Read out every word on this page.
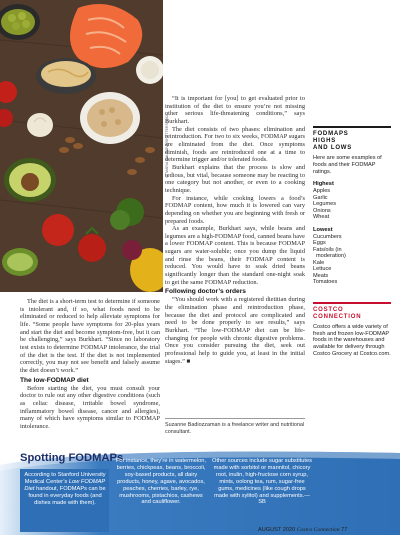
© MARIA SHUMOVA/SHUTTERSTOCK

The diet is a short-term test to determine if someone is intolerant and, if so, what foods need to be eliminated or reduced to help alleviate symptoms for life. “Some people have symptoms for 20-plus years and start the diet and become symptom-free, but it can be challenging,” says Burkhart. “Since no laboratory test exists to determine FODMAP intolerance, the trial of the diet is the test. If the diet is not implemented correctly, you may not see benefit and falsely assume the diet doesn’t work.”

The low-FODMAP diet

Before starting the diet, you must consult your doctor to rule out any other digestive conditions (such as celiac disease, irritable bowel syndrome, inflammatory bowel disease, cancer and allergies), many of which have symptoms similar to FODMAP intolerance.

“It is important for [you] to get evaluated prior to institution of the diet to ensure you’re not missing other serious life-threatening conditions,” says Burkhart.

The diet consists of two phases: elimination and reintroduction. For two to six weeks, FODMAP sugars are eliminated from the diet. Once symptoms diminish, foods are reintroduced one at a time to determine trigger and/or tolerated foods.

Burkhart explains that the process is slow and tedious, but vital, because someone may be reacting to one category but not another, or even to a cooking technique.

For instance, while cooking lowers a food’s FODMAP content, how much it is lowered can vary depending on whether you are beginning with fresh or prepared foods.

As an example, Burkhart says, while beans and legumes are a high-FODMAP food, canned beans have a lower FODMAP content. This is because FODMAP sugars are water-soluble; once you dump the liquid and rinse the beans, their FODMAP content is reduced. You would have to soak dried beans significantly longer than the standard one-night soak to get the same FODMAP reduction.

Following doctor’s orders

“You should work with a registered dietitian during the elimination phase and reintroduction phase, because the diet and protocol are complicated and need to be done properly to see results,” says Burkhart. “The low-FODMAP diet can be life-changing for people with chronic digestive problems. Once you consider pursuing the diet, seek out professional help to guide you, at least in the initial stages.” ■

Suzanne Badiozzaman is a freelance writer and nutritional consultant.
FODMAPS
HIGHS
AND LOWS
Here are some examples of foods and their FODMAP ratings.
Highest
Apples
Garlic
Legumes
Onions
Wheat
Lowest
Cucumbers
Eggs
Fats/oils (in
moderation)
Kale
Lettuce
Meats
Tomatoes
COSTCO
CONNECTION
Costco offers a wide variety of fresh and frozen low-FODMAP foods in the warehouses and available for delivery through Costco Grocery at Costco.com.
Spotting FODMAPs
According to Stanford University Medical Center’s Low FODMAP Diet handout, FODMAPs can be found in everyday foods (and dishes made with them).
For instance, they’re in watermelon, berries, chickpeas, beans, broccoli, soy-based products, all dairy products, honey, agave, avocados, peaches, cherries, barley, rye, mushrooms, pistachios, cashews and cauliflower.
Other sources include sugar substitutes made with sorbitol or mannitol, chicory root, inulin, high-fructose corn syrup, mints, oolong tea, rum, sugar-free gums, medicines (like cough drops made with xylitol) and supplements.—SB
AUGUST 2020 Costco Connection 77
